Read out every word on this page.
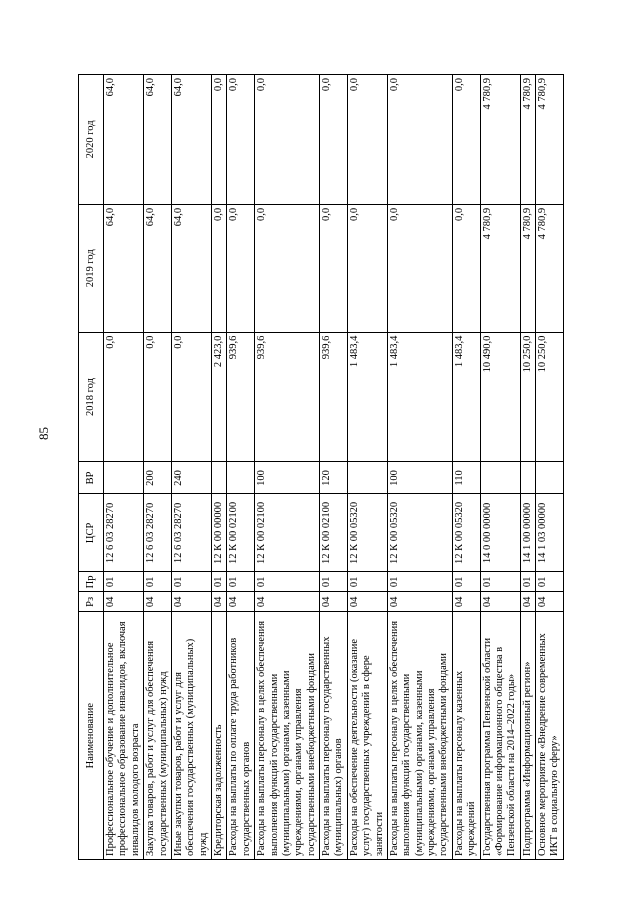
85
Наименование	Рз	Пр	ЦСР	ВР	2018 год	2019 год	2020 год
Профессиональное обучение и дополнительное профессиональное образование инвалидов, включая инвалидов молодого возраста	04	01	12 6 03 28270		0,0	64,0	64,0
Закупка товаров, работ и услуг для обеспечения государственных (муниципальных) нужд	04	01	12 6 03 28270	200	0,0	64,0	64,0
Иные закупки товаров, работ и услуг для обеспечения государственных (муниципальных) нужд	04	01	12 6 03 28270	240	0,0	64,0	64,0
Кредиторская задолженность	04	01	12 К 00 00000		2 423,0	0,0	0,0
Расходы на выплаты по оплате труда работников государственных органов	04	01	12 К 00 02100		939,6	0,0	0,0
Расходы на выплаты персоналу в целях обеспечения выполнения функций государственными (муниципальными) органами, казенными учреждениями, органами управления государственными внебюджетными фондами	04	01	12 К 00 02100	100	939,6	0,0	0,0
Расходы на выплаты персоналу государственных (муниципальных) органов	04	01	12 К 00 02100	120	939,6	0,0	0,0
Расходы на обеспечение деятельности (оказание услуг) государственных учреждений в сфере занятости	04	01	12 К 00 05320		1 483,4	0,0	0,0
Расходы на выплаты персоналу в целях обеспечения выполнения функций государственными (муниципальными) органами, казенными учреждениями, органами управления государственными внебюджетными фондами	04	01	12 К 00 05320	100	1 483,4	0,0	0,0
Расходы на выплаты персоналу казенных учреждений	04	01	12 К 00 05320	110	1 483,4	0,0	0,0
Государственная программа Пензенской области «Формирование информационного общества в Пензенской области на 2014–2022 годы»	04	01	14 0 00 00000		10 490,0	4 780,9	4 780,9
Подпрограмма «Информационный регион»	04	01	14 1 00 00000		10 250,0	4 780,9	4 780,9
Основное мероприятие «Внедрение современных ИКТ в социальную сферу»	04	01	14 1 03 00000		10 250,0	4 780,9	4 780,9
